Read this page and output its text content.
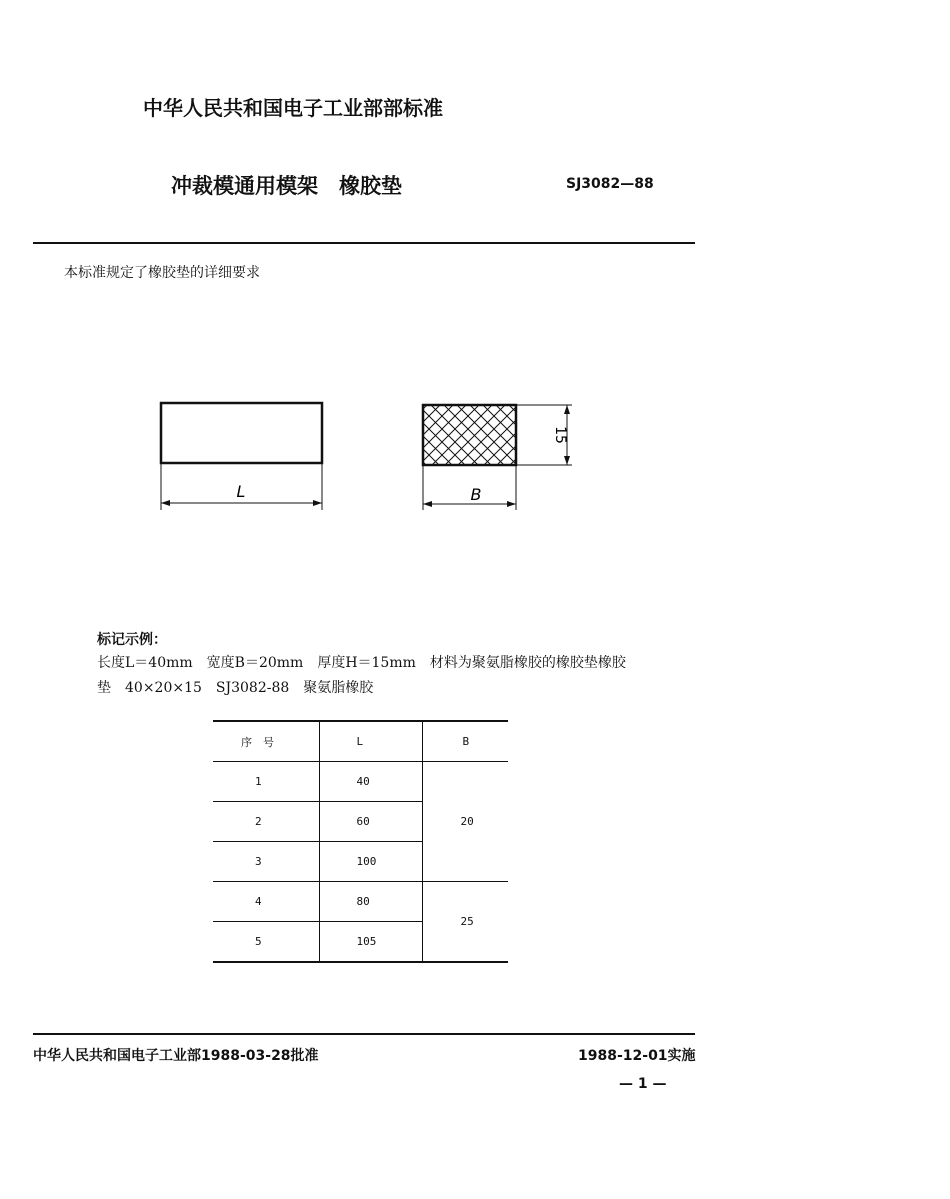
中华人民共和国电子工业部部标准
冲裁模通用模架　橡胶垫	SJ3082—88
本标准规定了橡胶垫的详细要求
L	B
15
标记示例：
长度L＝40mm　宽度B＝20mm　厚度H＝15mm　材料为聚氨脂橡胶的橡胶垫橡胶
垫　40×20×15　SJ3082-88　聚氨脂橡胶
序　号	L	B
1	40	20
2	60	
3	100	
4	80	25
5	105	
中华人民共和国电子工业部1988-03-28批准	1988-12-01实施
— 1 —
